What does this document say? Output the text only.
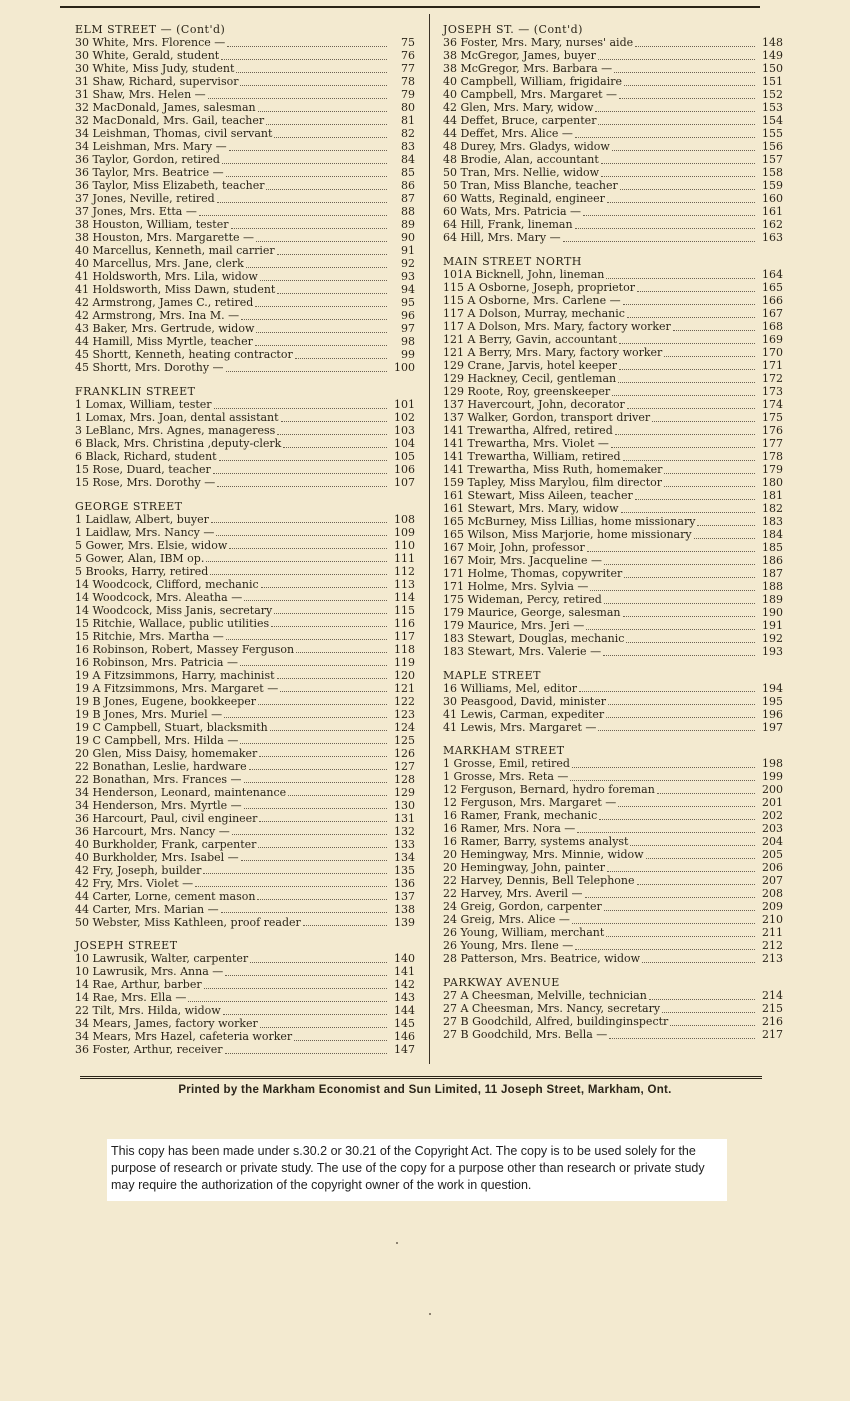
ELM STREET — (Cont'd)
30 White, Mrs. Florence —	75
30 White, Gerald, student	76
30 White, Miss Judy, student	77
31 Shaw, Richard, supervisor	78
31 Shaw, Mrs. Helen —	79
32 MacDonald, James, salesman	80
32 MacDonald, Mrs. Gail, teacher	81
34 Leishman, Thomas, civil servant	82
34 Leishman, Mrs. Mary —	83
36 Taylor, Gordon, retired	84
36 Taylor, Mrs. Beatrice —	85
36 Taylor, Miss Elizabeth, teacher	86
37 Jones, Neville, retired	87
37 Jones, Mrs. Etta —	88
38 Houston, William, tester	89
38 Houston, Mrs. Margarette —	90
40 Marcellus, Kenneth, mail carrier	91
40 Marcellus, Mrs. Jane, clerk	92
41 Holdsworth, Mrs. Lila, widow	93
41 Holdsworth, Miss Dawn, student	94
42 Armstrong, James C., retired	95
42 Armstrong, Mrs. Ina M. —	96
43 Baker, Mrs. Gertrude, widow	97
44 Hamill, Miss Myrtle, teacher	98
45 Shortt, Kenneth, heating contractor	99
45 Shortt, Mrs. Dorothy —	100
FRANKLIN STREET
1 Lomax, William, tester	101
1 Lomax, Mrs. Joan, dental assistant	102
3 LeBlanc, Mrs. Agnes, manageress	103
6 Black, Mrs. Christina ,deputy-clerk	104
6 Black, Richard, student	105
15 Rose, Duard, teacher	106
15 Rose, Mrs. Dorothy —	107
GEORGE STREET
1 Laidlaw, Albert, buyer	108
1 Laidlaw, Mrs. Nancy —	109
5 Gower, Mrs. Elsie, widow	110
5 Gower, Alan, IBM op.	111
5 Brooks, Harry, retired	112
14 Woodcock, Clifford, mechanic	113
14 Woodcock, Mrs. Aleatha —	114
14 Woodcock, Miss Janis, secretary	115
15 Ritchie, Wallace, public utilities	116
15 Ritchie, Mrs. Martha —	117
16 Robinson, Robert, Massey Ferguson	118
16 Robinson, Mrs. Patricia —	119
19 A Fitzsimmons, Harry, machinist	120
19 A Fitzsimmons, Mrs. Margaret —	121
19 B Jones, Eugene, bookkeeper	122
19 B Jones, Mrs. Muriel —	123
19 C Campbell, Stuart, blacksmith	124
19 C Campbell, Mrs. Hilda —	125
20 Glen, Miss Daisy, homemaker	126
22 Bonathan, Leslie, hardware	127
22 Bonathan, Mrs. Frances —	128
34 Henderson, Leonard, maintenance	129
34 Henderson, Mrs. Myrtle —	130
36 Harcourt, Paul, civil engineer	131
36 Harcourt, Mrs. Nancy —	132
40 Burkholder, Frank, carpenter	133
40 Burkholder, Mrs. Isabel —	134
42 Fry, Joseph, builder	135
42 Fry, Mrs. Violet —	136
44 Carter, Lorne, cement mason	137
44 Carter, Mrs. Marian —	138
50 Webster, Miss Kathleen, proof reader	139
JOSEPH STREET
10 Lawrusik, Walter, carpenter	140
10 Lawrusik, Mrs. Anna —	141
14 Rae, Arthur, barber	142
14 Rae, Mrs. Ella —	143
22 Tilt, Mrs. Hilda, widow	144
34 Mears, James, factory worker	145
34 Mears, Mrs Hazel, cafeteria worker	146
36 Foster, Arthur, receiver	147
JOSEPH ST. — (Cont'd)
36 Foster, Mrs. Mary, nurses' aide	148
38 McGregor, James, buyer	149
38 McGregor, Mrs. Barbara —	150
40 Campbell, William, frigidaire	151
40 Campbell, Mrs. Margaret —	152
42 Glen, Mrs. Mary, widow	153
44 Deffet, Bruce, carpenter	154
44 Deffet, Mrs. Alice —	155
48 Durey, Mrs. Gladys, widow	156
48 Brodie, Alan, accountant	157
50 Tran, Mrs. Nellie, widow	158
50 Tran, Miss Blanche, teacher	159
60 Watts, Reginald, engineer	160
60 Wats, Mrs. Patricia —	161
64 Hill, Frank, lineman	162
64 Hill, Mrs. Mary —	163
MAIN STREET NORTH
101A Bicknell, John, lineman	164
115 A Osborne, Joseph, proprietor	165
115 A Osborne, Mrs. Carlene —	166
117 A Dolson, Murray, mechanic	167
117 A Dolson, Mrs. Mary, factory worker	168
121 A Berry, Gavin, accountant	169
121 A Berry, Mrs. Mary, factory worker	170
129 Crane, Jarvis, hotel keeper	171
129 Hackney, Cecil, gentleman	172
129 Roote, Roy, greenskeeper	173
137 Havercourt, John, decorator	174
137 Walker, Gordon, transport driver	175
141 Trewartha, Alfred, retired	176
141 Trewartha, Mrs. Violet —	177
141 Trewartha, William, retired	178
141 Trewartha, Miss Ruth, homemaker	179
159 Tapley, Miss Marylou, film director	180
161 Stewart, Miss Aileen, teacher	181
161 Stewart, Mrs. Mary, widow	182
165 McBurney, Miss Lillias, home missionary	183
165 Wilson, Miss Marjorie, home missionary	184
167 Moir, John, professor	185
167 Moir, Mrs. Jacqueline —	186
171 Holme, Thomas, copywriter	187
171 Holme, Mrs. Sylvia —	188
175 Wideman, Percy, retired	189
179 Maurice, George, salesman	190
179 Maurice, Mrs. Jeri —	191
183 Stewart, Douglas, mechanic	192
183 Stewart, Mrs. Valerie —	193
MAPLE STREET
16 Williams, Mel, editor	194
30 Peasgood, David, minister	195
41 Lewis, Carman, expediter	196
41 Lewis, Mrs. Margaret —	197
MARKHAM STREET
1 Grosse, Emil, retired	198
1 Grosse, Mrs. Reta —	199
12 Ferguson, Bernard, hydro foreman	200
12 Ferguson, Mrs. Margaret —	201
16 Ramer, Frank, mechanic	202
16 Ramer, Mrs. Nora —	203
16 Ramer, Barry, systems analyst	204
20 Hemingway, Mrs. Minnie, widow	205
20 Hemingway, John, painter	206
22 Harvey, Dennis, Bell Telephone	207
22 Harvey, Mrs. Averil —	208
24 Greig, Gordon, carpenter	209
24 Greig, Mrs. Alice —	210
26 Young, William, merchant	211
26 Young, Mrs. Ilene —	212
28 Patterson, Mrs. Beatrice, widow	213
PARKWAY AVENUE
27 A Cheesman, Melville, technician	214
27 A Cheesman, Mrs. Nancy, secretary	215
27 B Goodchild, Alfred, buildinginspectr	216
27 B Goodchild, Mrs. Bella —	217
Printed by the Markham Economist and Sun Limited, 11 Joseph Street, Markham, Ont.

This copy has been made under s.30.2 or 30.21 of the Copyright Act. The copy is to be used solely for the purpose of research or private study. The use of the copy for a purpose other than research or private study may require the authorization of the copyright owner of the work in question.
